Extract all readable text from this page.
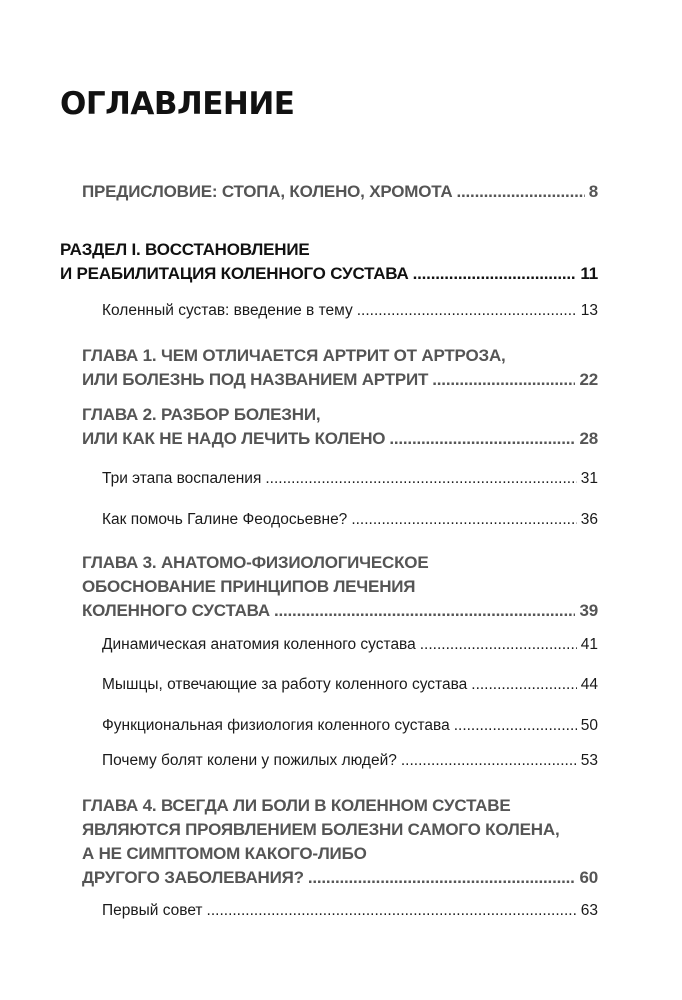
ОГЛАВЛЕНИЕ
ПРЕДИСЛОВИЕ: СТОПА, КОЛЕНО, ХРОМОТА .....	8
РАЗДЕЛ I. ВОССТАНОВЛЕНИЕ
И РЕАБИЛИТАЦИЯ КОЛЕННОГО СУСТАВА .....	11
Коленный сустав: введение в тему .....	13
ГЛАВА 1. ЧЕМ ОТЛИЧАЕТСЯ АРТРИТ ОТ АРТРОЗА,
ИЛИ БОЛЕЗНЬ ПОД НАЗВАНИЕМ АРТРИТ .....	22
ГЛАВА 2. РАЗБОР БОЛЕЗНИ,
ИЛИ КАК НЕ НАДО ЛЕЧИТЬ КОЛЕНО .....	28
Три этапа воспаления .....	31
Как помочь Галине Феодосьевне? .....	36
ГЛАВА 3. АНАТОМО-ФИЗИОЛОГИЧЕСКОЕ
ОБОСНОВАНИЕ ПРИНЦИПОВ ЛЕЧЕНИЯ
КОЛЕННОГО СУСТАВА .....	39
Динамическая анатомия коленного сустава .....	41
Мышцы, отвечающие за работу коленного сустава .....	44
Функциональная физиология коленного сустава .....	50
Почему болят колени у пожилых людей? .....	53
ГЛАВА 4. ВСЕГДА ЛИ БОЛИ В КОЛЕННОМ СУСТАВЕ
ЯВЛЯЮТСЯ ПРОЯВЛЕНИЕМ БОЛЕЗНИ САМОГО КОЛЕНА,
А НЕ СИМПТОМОМ КАКОГО-ЛИБО
ДРУГОГО ЗАБОЛЕВАНИЯ? .....	60
Первый совет .....	63
